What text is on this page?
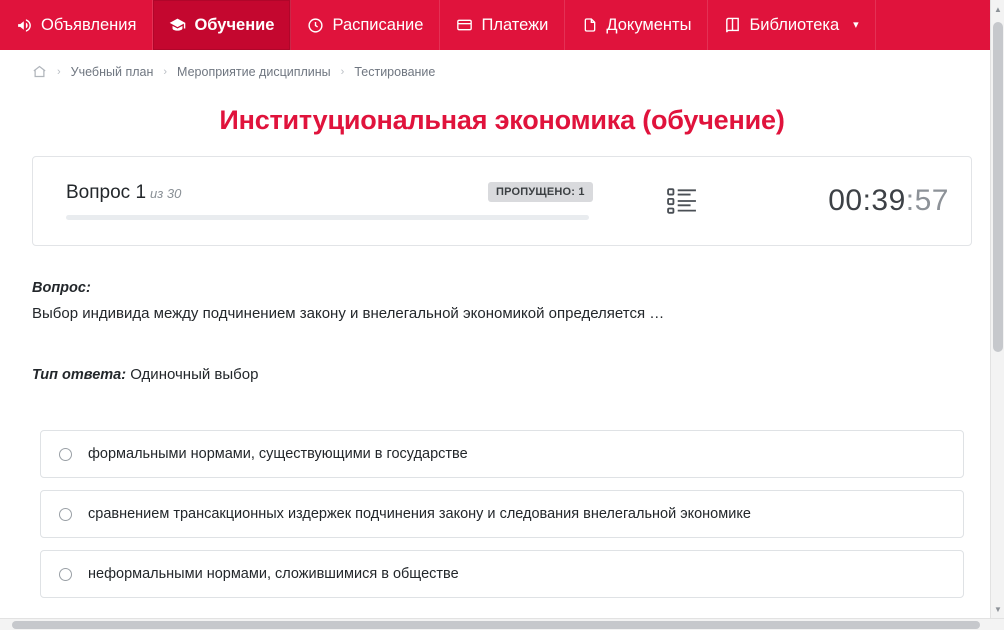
Объявления	Обучение	Расписание	Платежи	Документы	Библиотека ▾
› Учебный план › Мероприятие дисциплины › Тестирование
Институциональная экономика (обучение)
Вопрос 1 из 30	ПРОПУЩЕНО: 1	00:39:57
Вопрос:
Выбор индивида между подчинением закону и внелегальной экономикой определяется …
Тип ответа: Одиночный выбор
формальными нормами, существующими в государстве
сравнением трансакционных издержек подчинения закону и следования внелегальной экономике
неформальными нормами, сложившимися в обществе
▲
▼
